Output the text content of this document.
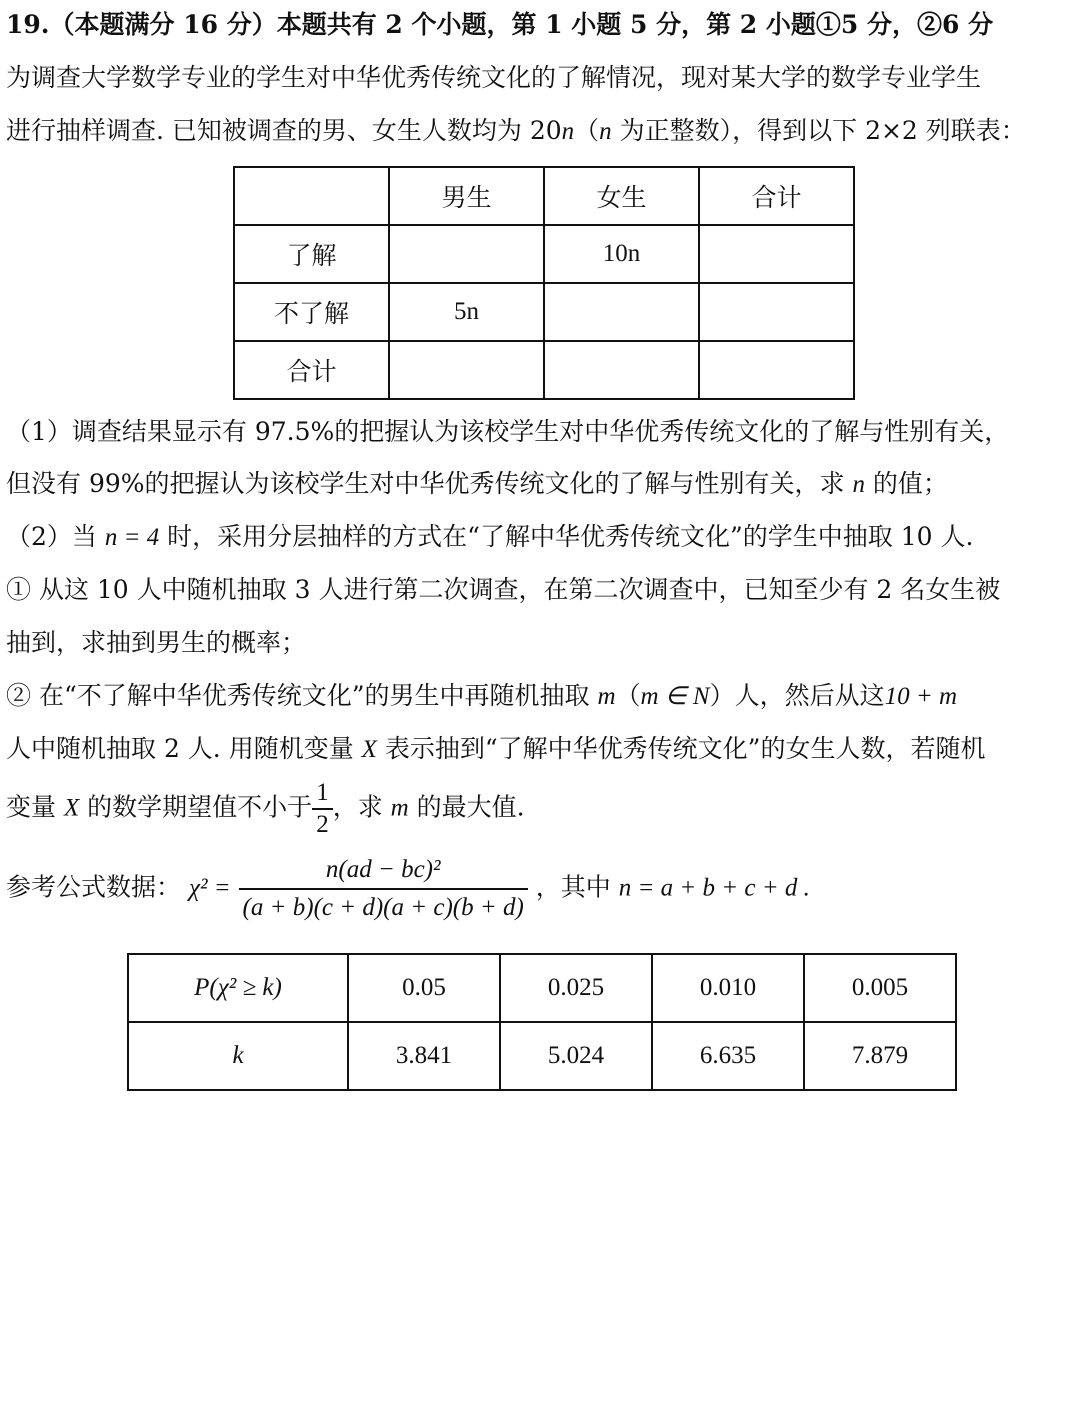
19.（本题满分 16 分）本题共有 2 个小题，第 1 小题 5 分，第 2 小题①5 分，②6 分
为调查大学数学专业的学生对中华优秀传统文化的了解情况，现对某大学的数学专业学生
进行抽样调查. 已知被调查的男、女生人数均为 20n（n 为正整数），得到以下 2×2 列联表：
	男生	女生	合计
了解		10n	
不了解	5n		
合计			
（1）调查结果显示有 97.5%的把握认为该校学生对中华优秀传统文化的了解与性别有关，
但没有 99%的把握认为该校学生对中华优秀传统文化的了解与性别有关，求 n 的值；
（2）当 n = 4 时，采用分层抽样的方式在“了解中华优秀传统文化”的学生中抽取 10 人.
① 从这 10 人中随机抽取 3 人进行第二次调查，在第二次调查中，已知至少有 2 名女生被
抽到，求抽到男生的概率；
② 在“不了解中华优秀传统文化”的男生中再随机抽取 m（m ∈ N）人，然后从这10 + m
人中随机抽取 2 人. 用随机变量 X 表示抽到“了解中华优秀传统文化”的女生人数，若随机
变量 X 的数学期望值不小于 $\frac{1}{2}$ ，求 m 的最大值.
参考公式数据： $\chi^2 = \frac{\text{n(ad − bc)²}}{(a + b)(c + d)(a + c)(b + d)}$ ，其中 n = a + b + c + d .
P(χ² ≥ k)	0.05	0.025	0.010	0.005
k	3.841	5.024	6.635	7.879
